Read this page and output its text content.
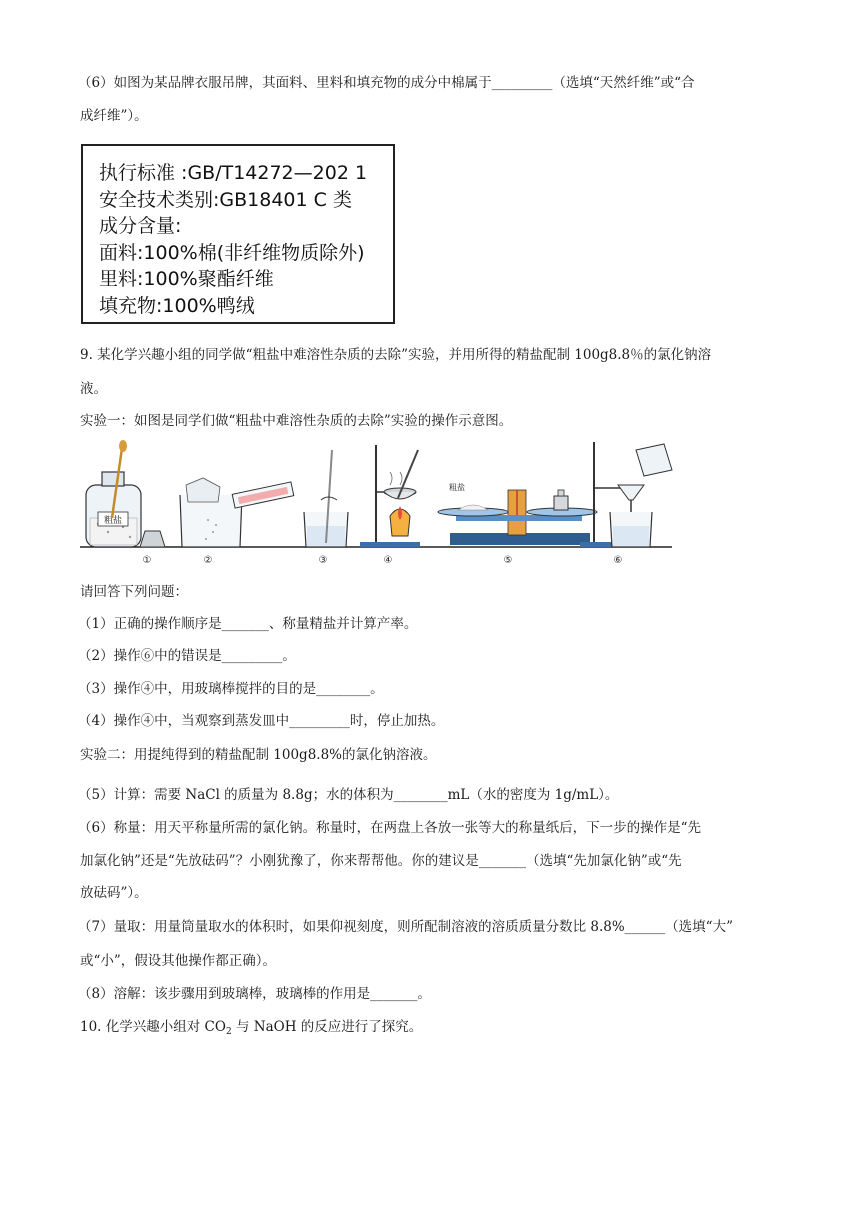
（6）如图为某品牌衣服吊牌，其面料、里料和填充物的成分中棉属于_________（选填“天然纤维”或“合
成纤维”）。
执行标准 :GB/T14272—202 1
安全技术类别:GB18401 C 类
成分含量:
面料:100%棉(非纤维物质除外)
里料:100%聚酯纤维
填充物:100%鸭绒
9. 某化学兴趣小组的同学做“粗盐中难溶性杂质的去除”实验，并用所得的精盐配制 100g8.8％的氯化钠溶
液。
实验一：如图是同学们做“粗盐中难溶性杂质的去除”实验的操作示意图。
粗盐
①	②	③	④
粗盐
⑤	⑥
请回答下列问题：
（1）正确的操作顺序是_______、称量精盐并计算产率。
（2）操作⑥中的错误是_________。
（3）操作④中，用玻璃棒搅拌的目的是________。
（4）操作④中，当观察到蒸发皿中_________时，停止加热。
实验二：用提纯得到的精盐配制 100g8.8%的氯化钠溶液。
（5）计算：需要 NaCl 的质量为 8.8g；水的体积为________mL（水的密度为 1g/mL）。
（6）称量：用天平称量所需的氯化钠。称量时，在两盘上各放一张等大的称量纸后，下一步的操作是“先
加氯化钠”还是“先放砝码”？小刚犹豫了，你来帮帮他。你的建议是_______（选填“先加氯化钠”或“先
放砝码”）。
（7）量取：用量筒量取水的体积时，如果仰视刻度，则所配制溶液的溶质质量分数比 8.8%______（选填“大”
或“小”，假设其他操作都正确）。
（8）溶解：该步骤用到玻璃棒，玻璃棒的作用是_______。
10. 化学兴趣小组对 $CO_2$ 与 NaOH 的反应进行了探究。
